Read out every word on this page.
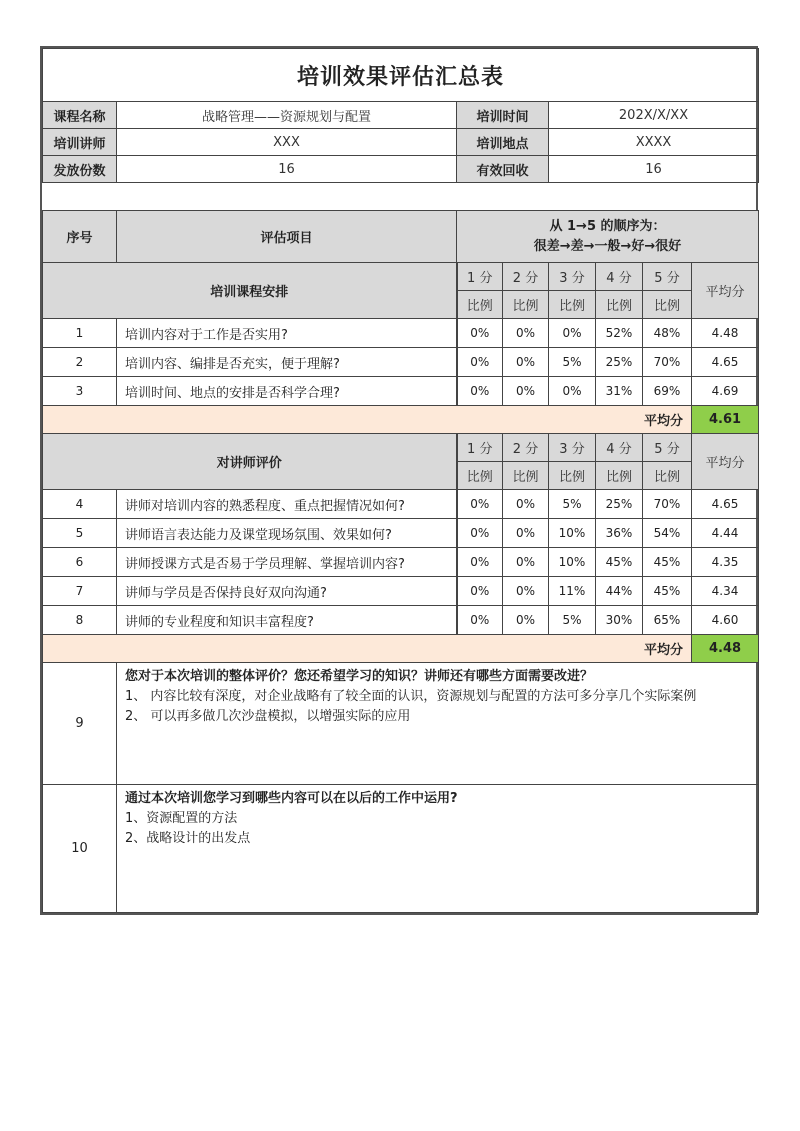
培训效果评估汇总表							
课程名称	战略管理——资源规划与配置	培训时间		202X/X/XX			
培训讲师	XXX	培训地点		XXXX			
发放份数	16	有效回收		16			

序号	评估项目	从 1→5 的顺序为：
很差→差→一般→好→很好					

培训课程安排		1 分	2 分	3 分	4 分	5 分	平均分
		比例	比例	比例	比例	比例	
1	培训内容对于工作是否实用?	0%	0%	0%	52%	48%	4.48
2	培训内容、编排是否充实，便于理解?	0%	0%	5%	25%	70%	4.65
3	培训时间、地点的安排是否科学合理?	0%	0%	0%	31%	69%	4.69
平均分							4.61
对讲师评价		1 分	2 分	3 分	4 分	5 分	平均分
		比例	比例	比例	比例	比例	
4	讲师对培训内容的熟悉程度、重点把握情况如何?	0%	0%	5%	25%	70%	4.65
5	讲师语言表达能力及课堂现场氛围、效果如何?	0%	0%	10%	36%	54%	4.44
6	讲师授课方式是否易于学员理解、掌握培训内容?	0%	0%	10%	45%	45%	4.35
7	讲师与学员是否保持良好双向沟通?	0%	0%	11%	44%	45%	4.34
8	讲师的专业程度和知识丰富程度?	0%	0%	5%	30%	65%	4.60
平均分							4.48
9	您对于本次培训的整体评价？您还希望学习的知识？讲师还有哪些方面需要改进？
1、 内容比较有深度，对企业战略有了较全面的认识，资源规划与配置的方法可多分享几个实际案例
2、 可以再多做几次沙盘模拟，以增强实际的应用						

10	通过本次培训您学习到哪些内容可以在以后的工作中运用?
1、资源配置的方法
2、战略设计的出发点						
